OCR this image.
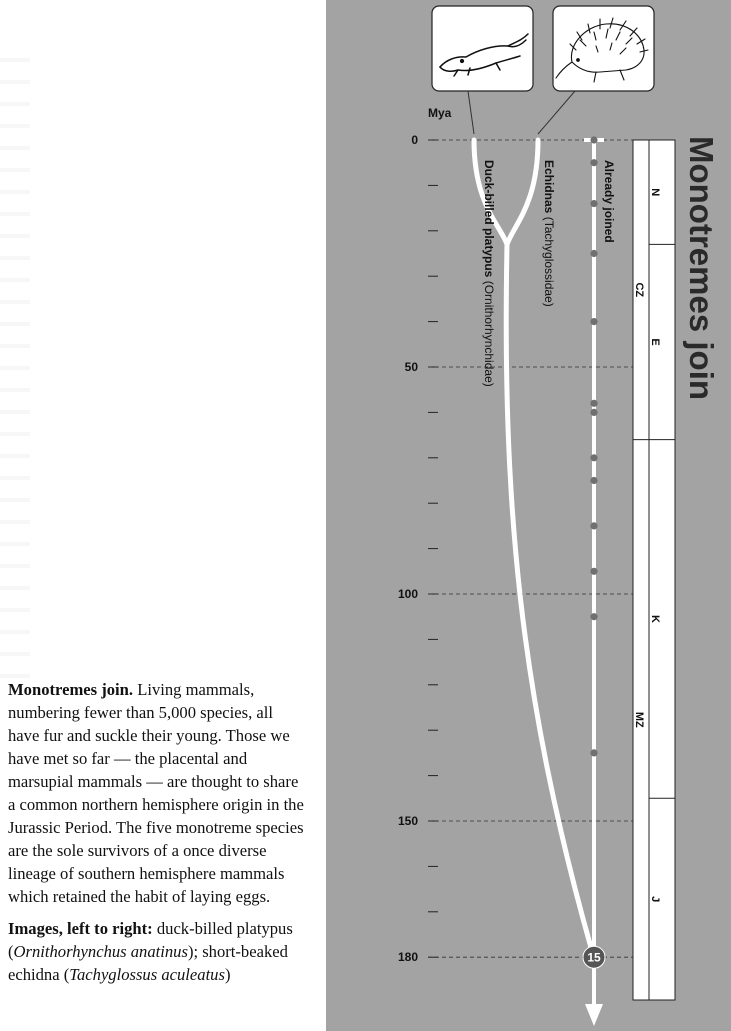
Mya
0
50
100
150
180
CZ
MZ
N
E
K
J
15
Duck-billed platypus (Ornithorhynchidae)
Echidnas (Tachyglossidae)
Already joined Monotremes join

Monotremes join. Living mammals, numbering fewer than 5,000 species, all have fur and suckle their young. Those we have met so far — the placental and marsupial mammals — are thought to share a common northern hemisphere origin in the Jurassic Period. The five monotreme species are the sole survivors of a once diverse lineage of southern hemisphere mammals which retained the habit of laying eggs.

Images, left to right: duck-billed platypus (Ornithorhynchus anatinus); short-beaked echidna (Tachyglossus aculeatus)
